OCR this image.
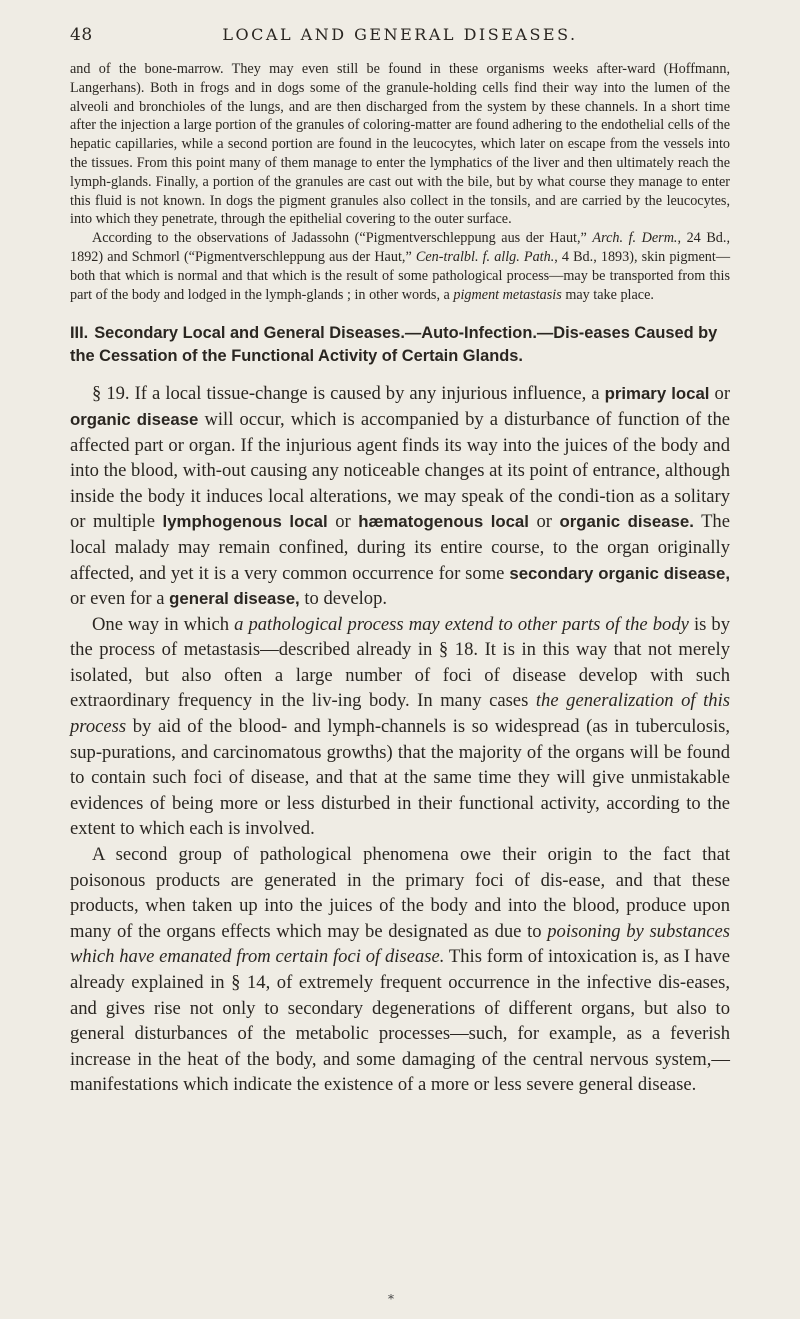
48	LOCAL AND GENERAL DISEASES.

and of the bone-marrow. They may even still be found in these organisms weeks after-ward (Hoffmann, Langerhans). Both in frogs and in dogs some of the granule-holding cells find their way into the lumen of the alveoli and bronchioles of the lungs, and are then discharged from the system by these channels. In a short time after the injection a large portion of the granules of coloring-matter are found adhering to the endothelial cells of the hepatic capillaries, while a second portion are found in the leucocytes, which later on escape from the vessels into the tissues. From this point many of them manage to enter the lymphatics of the liver and then ultimately reach the lymph-glands. Finally, a portion of the granules are cast out with the bile, but by what course they manage to enter this fluid is not known. In dogs the pigment granules also collect in the tonsils, and are carried by the leucocytes, into which they penetrate, through the epithelial covering to the outer surface.

According to the observations of Jadassohn (“Pigmentverschleppung aus der Haut,” Arch. f. Derm., 24 Bd., 1892) and Schmorl (“Pigmentverschleppung aus der Haut,” Cen-tralbl. f. allg. Path., 4 Bd., 1893), skin pigment—both that which is normal and that which is the result of some pathological process—may be transported from this part of the body and lodged in the lymph-glands ; in other words, a pigment metastasis may take place.

III. Secondary Local and General Diseases.—Auto-Infection.—Dis-eases Caused by the Cessation of the Functional Activity of Certain Glands.

§ 19. If a local tissue-change is caused by any injurious influence, a primary local or organic disease will occur, which is accompanied by a disturbance of function of the affected part or organ. If the injurious agent finds its way into the juices of the body and into the blood, with-out causing any noticeable changes at its point of entrance, although inside the body it induces local alterations, we may speak of the condi-tion as a solitary or multiple lymphogenous local or hæmatogenous local or organic disease. The local malady may remain confined, during its entire course, to the organ originally affected, and yet it is a very common occurrence for some secondary organic disease, or even for a general disease, to develop.

One way in which a pathological process may extend to other parts of the body is by the process of metastasis—described already in § 18. It is in this way that not merely isolated, but also often a large number of foci of disease develop with such extraordinary frequency in the liv-ing body. In many cases the generalization of this process by aid of the blood- and lymph-channels is so widespread (as in tuberculosis, sup-purations, and carcinomatous growths) that the majority of the organs will be found to contain such foci of disease, and that at the same time they will give unmistakable evidences of being more or less disturbed in their functional activity, according to the extent to which each is involved.

A second group of pathological phenomena owe their origin to the fact that poisonous products are generated in the primary foci of dis-ease, and that these products, when taken up into the juices of the body and into the blood, produce upon many of the organs effects which may be designated as due to poisoning by substances which have emanated from certain foci of disease. This form of intoxication is, as I have already explained in § 14, of extremely frequent occurrence in the infective dis-eases, and gives rise not only to secondary degenerations of different organs, but also to general disturbances of the metabolic processes—such, for example, as a feverish increase in the heat of the body, and some damaging of the central nervous system,—manifestations which indicate the existence of a more or less severe general disease.

*
